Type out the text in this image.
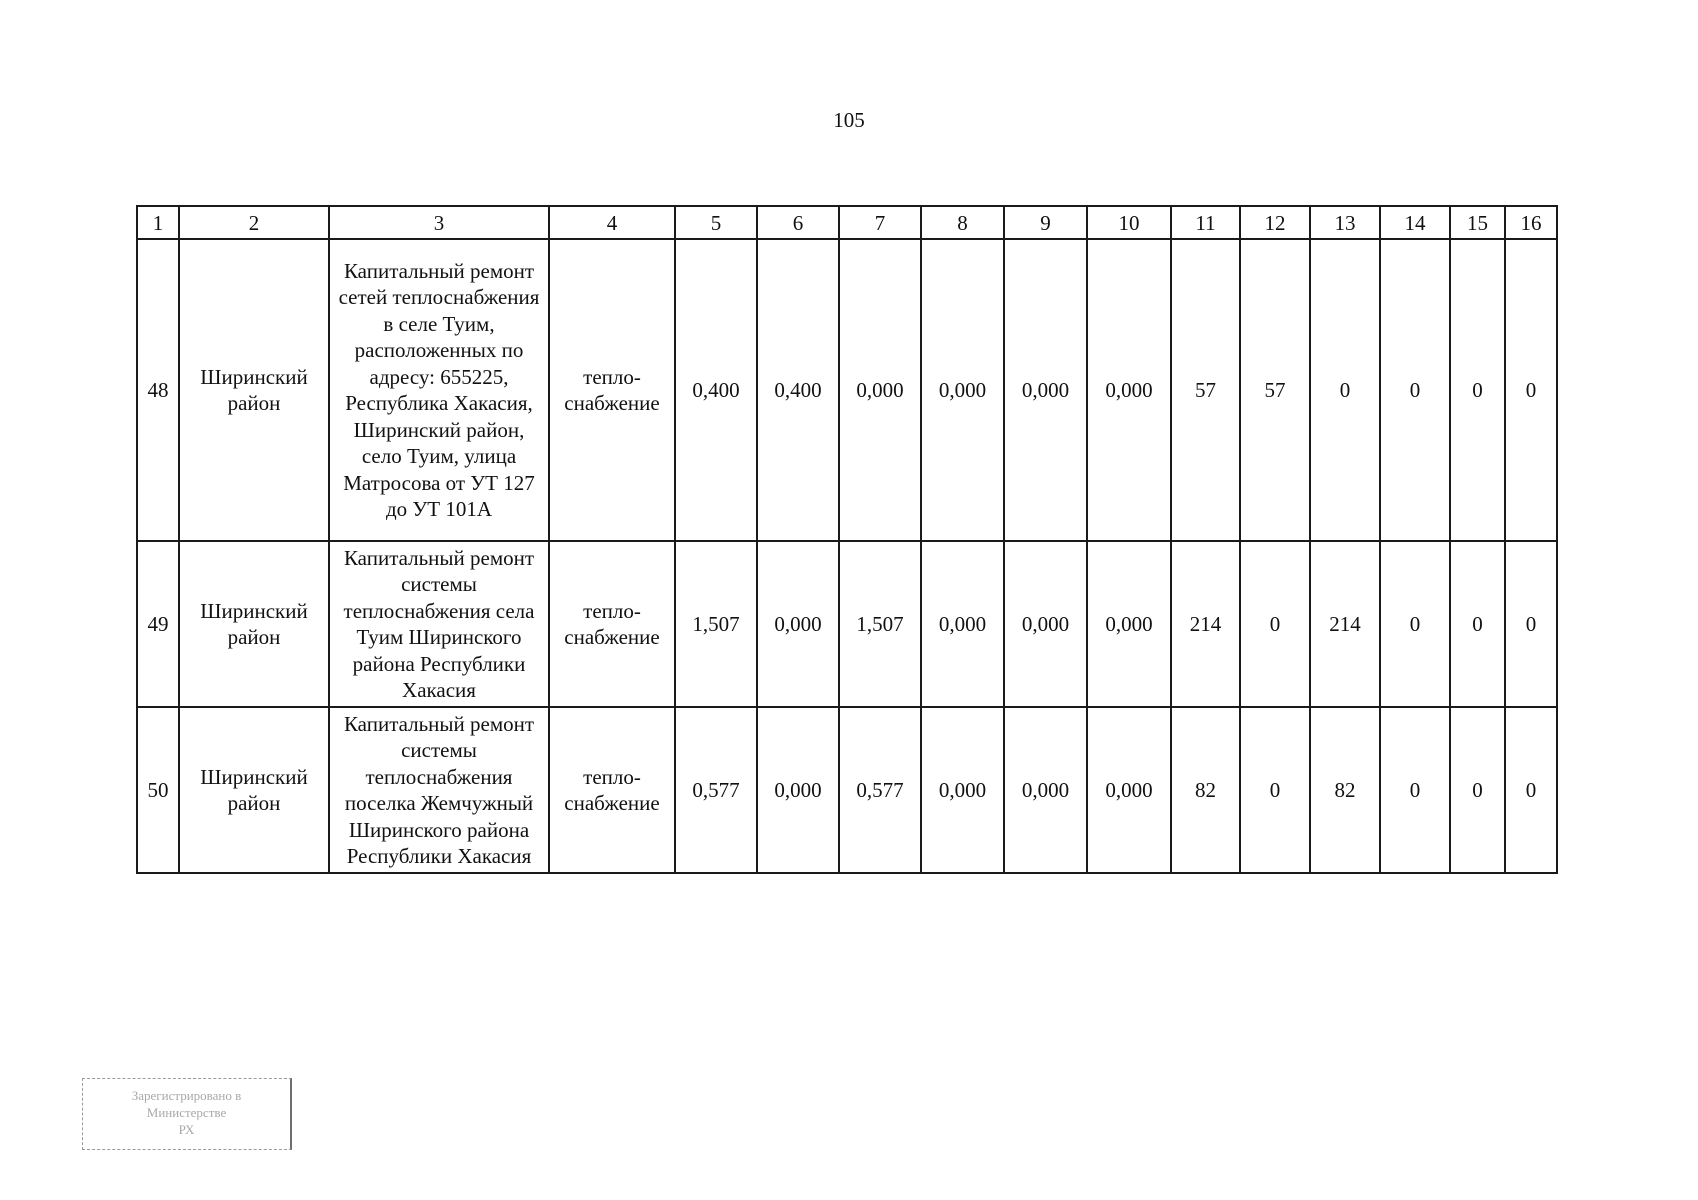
105
1	2	3	4	5	6	7	8	9	10	11	12	13	14	15	16
48	Ширинский район	Капитальный ремонт сетей теплоснабжения в селе Туим, расположенных по адресу: 655225, Республика Хакасия, Ширинский район, село Туим, улица Матросова от УТ 127 до УТ 101А	тепло-снабжение	0,400	0,400	0,000	0,000	0,000	0,000	57	57	0	0	0	0
49	Ширинский район	Капитальный ремонт системы теплоснабжения села Туим Ширинского района Республики Хакасия	тепло-снабжение	1,507	0,000	1,507	0,000	0,000	0,000	214	0	214	0	0	0
50	Ширинский район	Капитальный ремонт системы теплоснабжения поселка Жемчужный Ширинского района Республики Хакасия	тепло-снабжение	0,577	0,000	0,577	0,000	0,000	0,000	82	0	82	0	0	0
Зарегистрировано в
Министерстве
РХ
